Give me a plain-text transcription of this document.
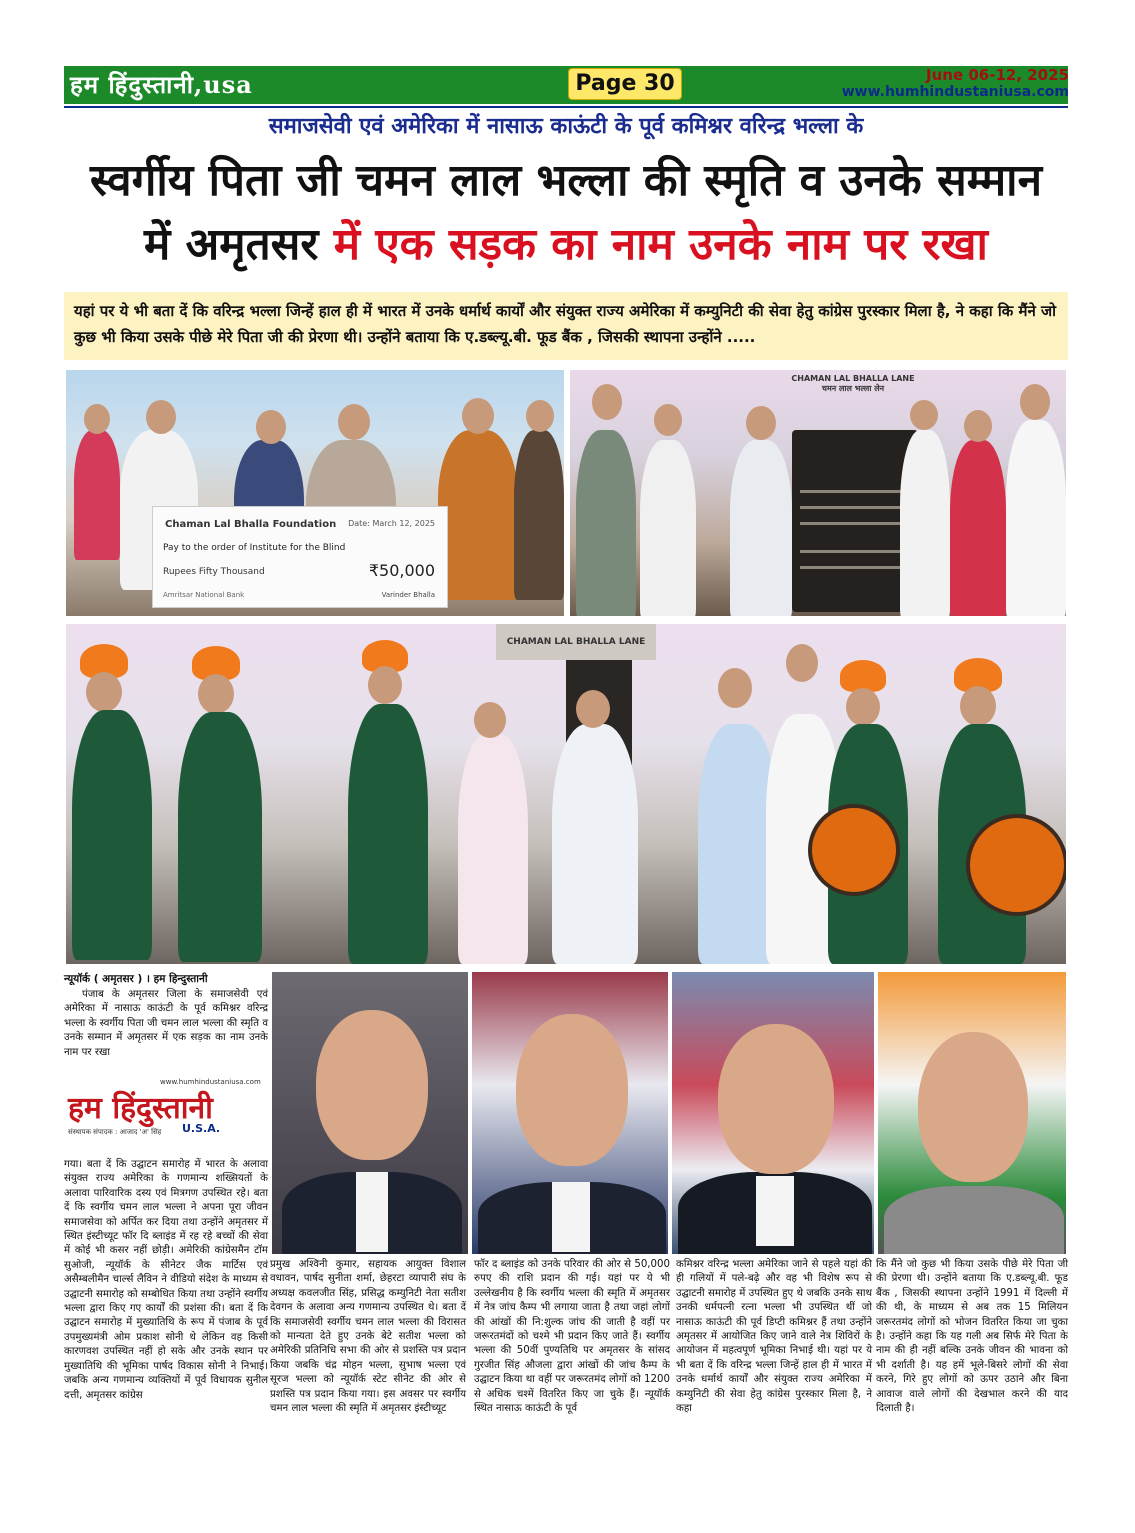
हम हिंदुस्तानी,usa	Page 30	June 06-12, 2025
www.humhindustaniusa.com
समाजसेवी एवं अमेरिका में नासाऊ काऊंटी के पूर्व कमिश्नर वरिन्द्र भल्ला के
स्वर्गीय पिता जी चमन लाल भल्ला की स्मृति व उनके सम्मान
में अमृतसर में एक सड़क का नाम उनके नाम पर रखा
यहां पर ये भी बता दें कि वरिन्द्र भल्ला जिन्हें हाल ही में भारत में उनके धर्मार्थ कार्यों और संयुक्त राज्य अमेरिका में कम्युनिटी की सेवा हेतु कांग्रेस पुरस्कार मिला है, ने कहा कि मैंने जो कुछ भी किया उसके पीछे मेरे पिता जी की प्रेरणा थी। उन्होंने बताया कि ए.डब्ल्यू.बी. फूड बैंक , जिसकी स्थापना उन्होंने .....
Chaman Lal Bhalla Foundation Date: March 12, 2025
Pay to the order of Institute for the Blind
Rupees Fifty Thousand	₹50,000
Amritsar National Bank	Varinder Bhalla
CHAMAN LAL BHALLA LANE
चमन लाल भल्ला लेन
CHAMAN LAL BHALLA LANE
न्यूयॉर्क ( अमृतसर ) । हम हिन्दुस्तानी
पंजाब के अमृतसर जिला के समाजसेवी एवं अमेरिका में नासाऊ काऊंटी के पूर्व कमिश्नर वरिन्द्र भल्ला के स्वर्गीय पिता जी चमन लाल भल्ला की स्मृति व उनके सम्मान में अमृतसर में एक सड़क का नाम उनके नाम पर रखा
www.humhindustaniusa.com
हम हिंदुस्तानी
U.S.A.
संस्थापक संपादक : आजाद 'अ' सिंह
गया। बता दें कि उद्घाटन समारोह में भारत के अलावा संयुक्त राज्य अमेरिका के गणमान्य शख्सियतों के अलावा पारिवारिक दस्य एवं मित्रगण उपस्थित रहे। बता दें कि स्वर्गीय चमन लाल भल्ला ने अपना पूरा जीवन समाजसेवा को अर्पित कर दिया तथा उन्होंने अमृतसर में स्थित इंस्टीच्यूट फॉर दि ब्लाइंड में रह रहे बच्चों की सेवा में कोई भी कसर नहीं छोड़ी। अमेरिकी कांग्रेसमैन टॉम सुओजी, न्यूयॉर्क के सीनेटर जैक मार्टिस एवं असैम्बलीमैन चार्ल्स लैविन ने वीडियो संदेश के माध्यम से उद्घाटनी समारोह को सम्बोधित किया तथा उन्होंने स्वर्गीय भल्ला द्वारा किए गए कार्यों की प्रशंसा की। बता दें कि उद्घाटन समारोह में मुख्यातिथि के रूप में पंजाब के पूर्व उपमुख्यमंत्री ओम प्रकाश सोनी थे लेकिन वह किसी कारणवश उपस्थित नहीं हो सके और उनके स्थान पर मुख्यातिथि की भूमिका पार्षद विकास सोनी ने निभाई। जबकि अन्य गणमान्य व्यक्तियों में पूर्व विधायक सुनील दत्ती, अमृतसर कांग्रेस
प्रमुख अश्विनी कुमार, सहायक आयुक्त विशाल वधावन, पार्षद सुनीता शर्मा, छेहरटा व्यापारी संघ के अध्यक्ष कवलजीत सिंह, प्रसिद्ध कम्युनिटी नेता सतीश देवगन के अलावा अन्य गणमान्य उपस्थित थे। बता दें कि समाजसेवी स्वर्गीय चमन लाल भल्ला की विरासत को मान्यता देते हुए उनके बेटे सतीश भल्ला को अमेरिकी प्रतिनिधि सभा की ओर से प्रशस्ति पत्र प्रदान किया जबकि चंद्र मोहन भल्ला, सुभाष भल्ला एवं सूरज भल्ला को न्यूयॉर्क स्टेट सीनेट की ओर से प्रशस्ति पत्र प्रदान किया गया। इस अवसर पर स्वर्गीय चमन लाल भल्ला की स्मृति में अमृतसर इंस्टीच्यूट
फॉर द ब्लाइंड को उनके परिवार की ओर से 50,000 रुपए की राशि प्रदान की गई। यहां पर ये भी उल्लेखनीय है कि स्वर्गीय भल्ला की स्मृति में अमृतसर में नेत्र जांच कैम्प भी लगाया जाता है तथा जहां लोगों की आंखों की नि:शुल्क जांच की जाती है वहीं पर जरूरतमंदों को चश्मे भी प्रदान किए जाते हैं। स्वर्गीय भल्ला की 50वीं पुण्यतिथि पर अमृतसर के सांसद गुरजीत सिंह औजला द्वारा आंखों की जांच कैम्प के उद्घाटन किया था वहीं पर जरूरतमंद लोगों को 1200 से अधिक चश्में वितरित किए जा चुके हैं। न्यूयॉर्क स्थित नासाऊ काऊंटी के पूर्व
कमिश्नर वरिन्द्र भल्ला अमेरिका जाने से पहले यहां की ही गलियों में पले-बढ़े और वह भी विशेष रूप से उद्घाटनी समारोह में उपस्थित हुए थे जबकि उनके साथ उनकी धर्मपत्नी रत्ना भल्ला भी उपस्थित थीं जो नासाऊ काऊंटी की पूर्व डिप्टी कमिश्नर हैं तथा उन्होंने अमृतसर में आयोजित किए जाने वाले नेत्र शिविरों के आयोजन में महत्वपूर्ण भूमिका निभाई थी। यहां पर ये भी बता दें कि वरिन्द्र भल्ला जिन्हें हाल ही में भारत में उनके धर्मार्थ कार्यों और संयुक्त राज्य अमेरिका में कम्युनिटी की सेवा हेतु कांग्रेस पुरस्कार मिला है, ने कहा
कि मैंने जो कुछ भी किया उसके पीछे मेरे पिता जी की प्रेरणा थी। उन्होंने बताया कि ए.डब्ल्यू.बी. फूड बैंक , जिसकी स्थापना उन्होंने 1991 में दिल्ली में की थी, के माध्यम से अब तक 15 मिलियन जरूरतमंद लोगों को भोजन वितरित किया जा चुका है। उन्होंने कहा कि यह गली अब सिर्फ मेरे पिता के नाम की ही नहीं बल्कि उनके जीवन की भावना को भी दर्शाती है। यह हमें भूले-बिसरे लोगों की सेवा करने, गिरे हुए लोगों को ऊपर उठाने और बिना आवाज वाले लोगों की देखभाल करने की याद दिलाती है।
